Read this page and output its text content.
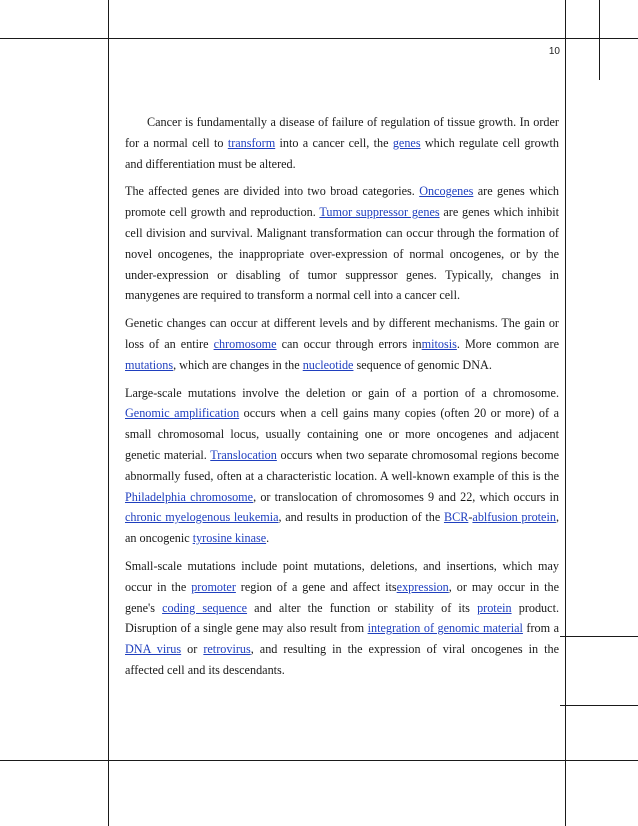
10

Cancer is fundamentally a disease of failure of regulation of tissue growth. In order for a normal cell to transform into a cancer cell, the genes which regulate cell growth and differentiation must be altered.

The affected genes are divided into two broad categories. Oncogenes are genes which promote cell growth and reproduction. Tumor suppressor genes are genes which inhibit cell division and survival. Malignant transformation can occur through the formation of novel oncogenes, the inappropriate over-expression of normal oncogenes, or by the under-expression or disabling of tumor suppressor genes. Typically, changes in manygenes are required to transform a normal cell into a cancer cell.

Genetic changes can occur at different levels and by different mechanisms. The gain or loss of an entire chromosome can occur through errors inmitosis. More common are mutations, which are changes in the nucleotide sequence of genomic DNA.

Large-scale mutations involve the deletion or gain of a portion of a chromosome. Genomic amplification occurs when a cell gains many copies (often 20 or more) of a small chromosomal locus, usually containing one or more oncogenes and adjacent genetic material. Translocation occurs when two separate chromosomal regions become abnormally fused, often at a characteristic location. A well-known example of this is the Philadelphia chromosome, or translocation of chromosomes 9 and 22, which occurs in chronic myelogenous leukemia, and results in production of the BCR-ablfusion protein, an oncogenic tyrosine kinase.

Small-scale mutations include point mutations, deletions, and insertions, which may occur in the promoter region of a gene and affect itsexpression, or may occur in the gene's coding sequence and alter the function or stability of its protein product. Disruption of a single gene may also result from integration of genomic material from a DNA virus or retrovirus, and resulting in the expression of viral oncogenes in the affected cell and its descendants.
